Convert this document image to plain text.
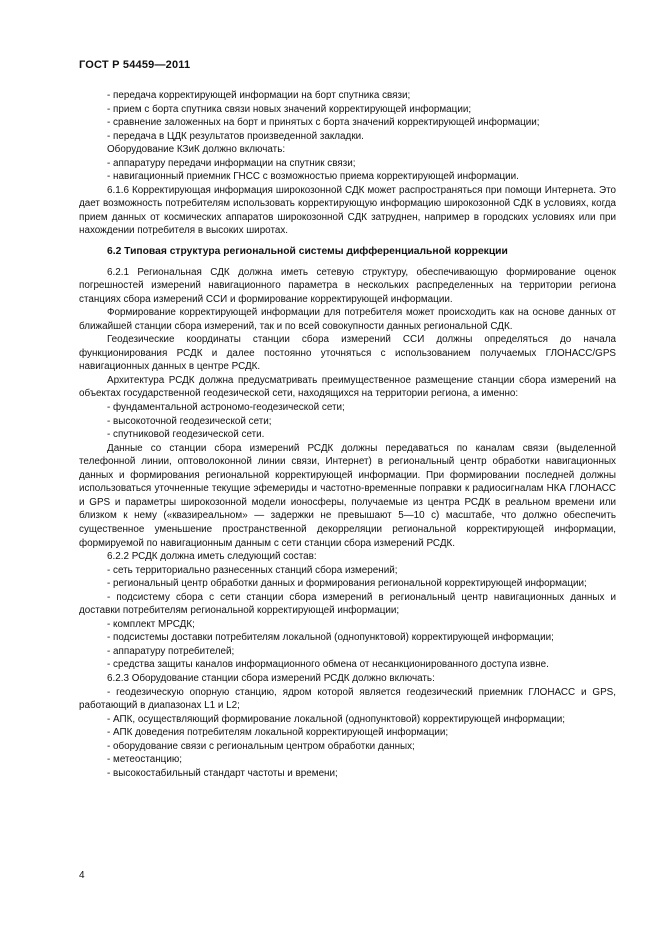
ГОСТ Р 54459—2011

- передача корректирующей информации на борт спутника связи;

- прием с борта спутника связи новых значений корректирующей информации;

- сравнение заложенных на борт и принятых с борта значений корректирующей информации;

- передача в ЦДК результатов произведенной закладки.

Оборудование КЗиК должно включать:

- аппаратуру передачи информации на спутник связи;

- навигационный приемник ГНСС с возможностью приема корректирующей информации.

6.1.6 Корректирующая информация широкозонной СДК может распространяться при помощи Интернета. Это дает возможность потребителям использовать корректирующую информацию широкозонной СДК в условиях, когда прием данных от космических аппаратов широкозонной СДК затруднен, например в городских условиях или при нахождении потребителя в высоких широтах.

6.2 Типовая структура региональной системы дифференциальной коррекции

6.2.1 Региональная СДК должна иметь сетевую структуру, обеспечивающую формирование оценок погрешностей измерений навигационного параметра в нескольких распределенных на территории региона станциях сбора измерений ССИ и формирование корректирующей информации.

Формирование корректирующей информации для потребителя может происходить как на основе данных от ближайшей станции сбора измерений, так и по всей совокупности данных региональной СДК.

Геодезические координаты станции сбора измерений ССИ должны определяться до начала функционирования РСДК и далее постоянно уточняться с использованием получаемых ГЛОНАСС/GPS навигационных данных в центре РСДК.

Архитектура РСДК должна предусматривать преимущественное размещение станции сбора измерений на объектах государственной геодезической сети, находящихся на территории региона, а именно:

- фундаментальной астрономо-геодезической сети;

- высокоточной геодезической сети;

- спутниковой геодезической сети.

Данные со станции сбора измерений РСДК должны передаваться по каналам связи (выделенной телефонной линии, оптоволоконной линии связи, Интернет) в региональный центр обработки навигационных данных и формирования региональной корректирующей информации. При формировании последней должны использоваться уточненные текущие эфемериды и частотно-временные поправки к радиосигналам НКА ГЛОНАСС и GPS и параметры широкозонной модели ионосферы, получаемые из центра РСДК в реальном времени или близком к нему («квазиреальном» — задержки не превышают 5—10 с) масштабе, что должно обеспечить существенное уменьшение пространственной декорреляции региональной корректирующей информации, формируемой по навигационным данным с сети станции сбора измерений РСДК.

6.2.2 РСДК должна иметь следующий состав:

- сеть территориально разнесенных станций сбора измерений;

- региональный центр обработки данных и формирования региональной корректирующей информации;

- подсистему сбора с сети станции сбора измерений в региональный центр навигационных данных и доставки потребителям региональной корректирующей информации;

- комплект МРСДК;

- подсистемы доставки потребителям локальной (однопунктовой) корректирующей информации;

- аппаратуру потребителей;

- средства защиты каналов информационного обмена от несанкционированного доступа извне.

6.2.3 Оборудование станции сбора измерений РСДК должно включать:

- геодезическую опорную станцию, ядром которой является геодезический приемник ГЛОНАСС и GPS, работающий в диапазонах L1 и L2;

- АПК, осуществляющий формирование локальной (однопунктовой) корректирующей информации;

- АПК доведения потребителям локальной корректирующей информации;

- оборудование связи с региональным центром обработки данных;

- метеостанцию;

- высокостабильный стандарт частоты и времени;

4
